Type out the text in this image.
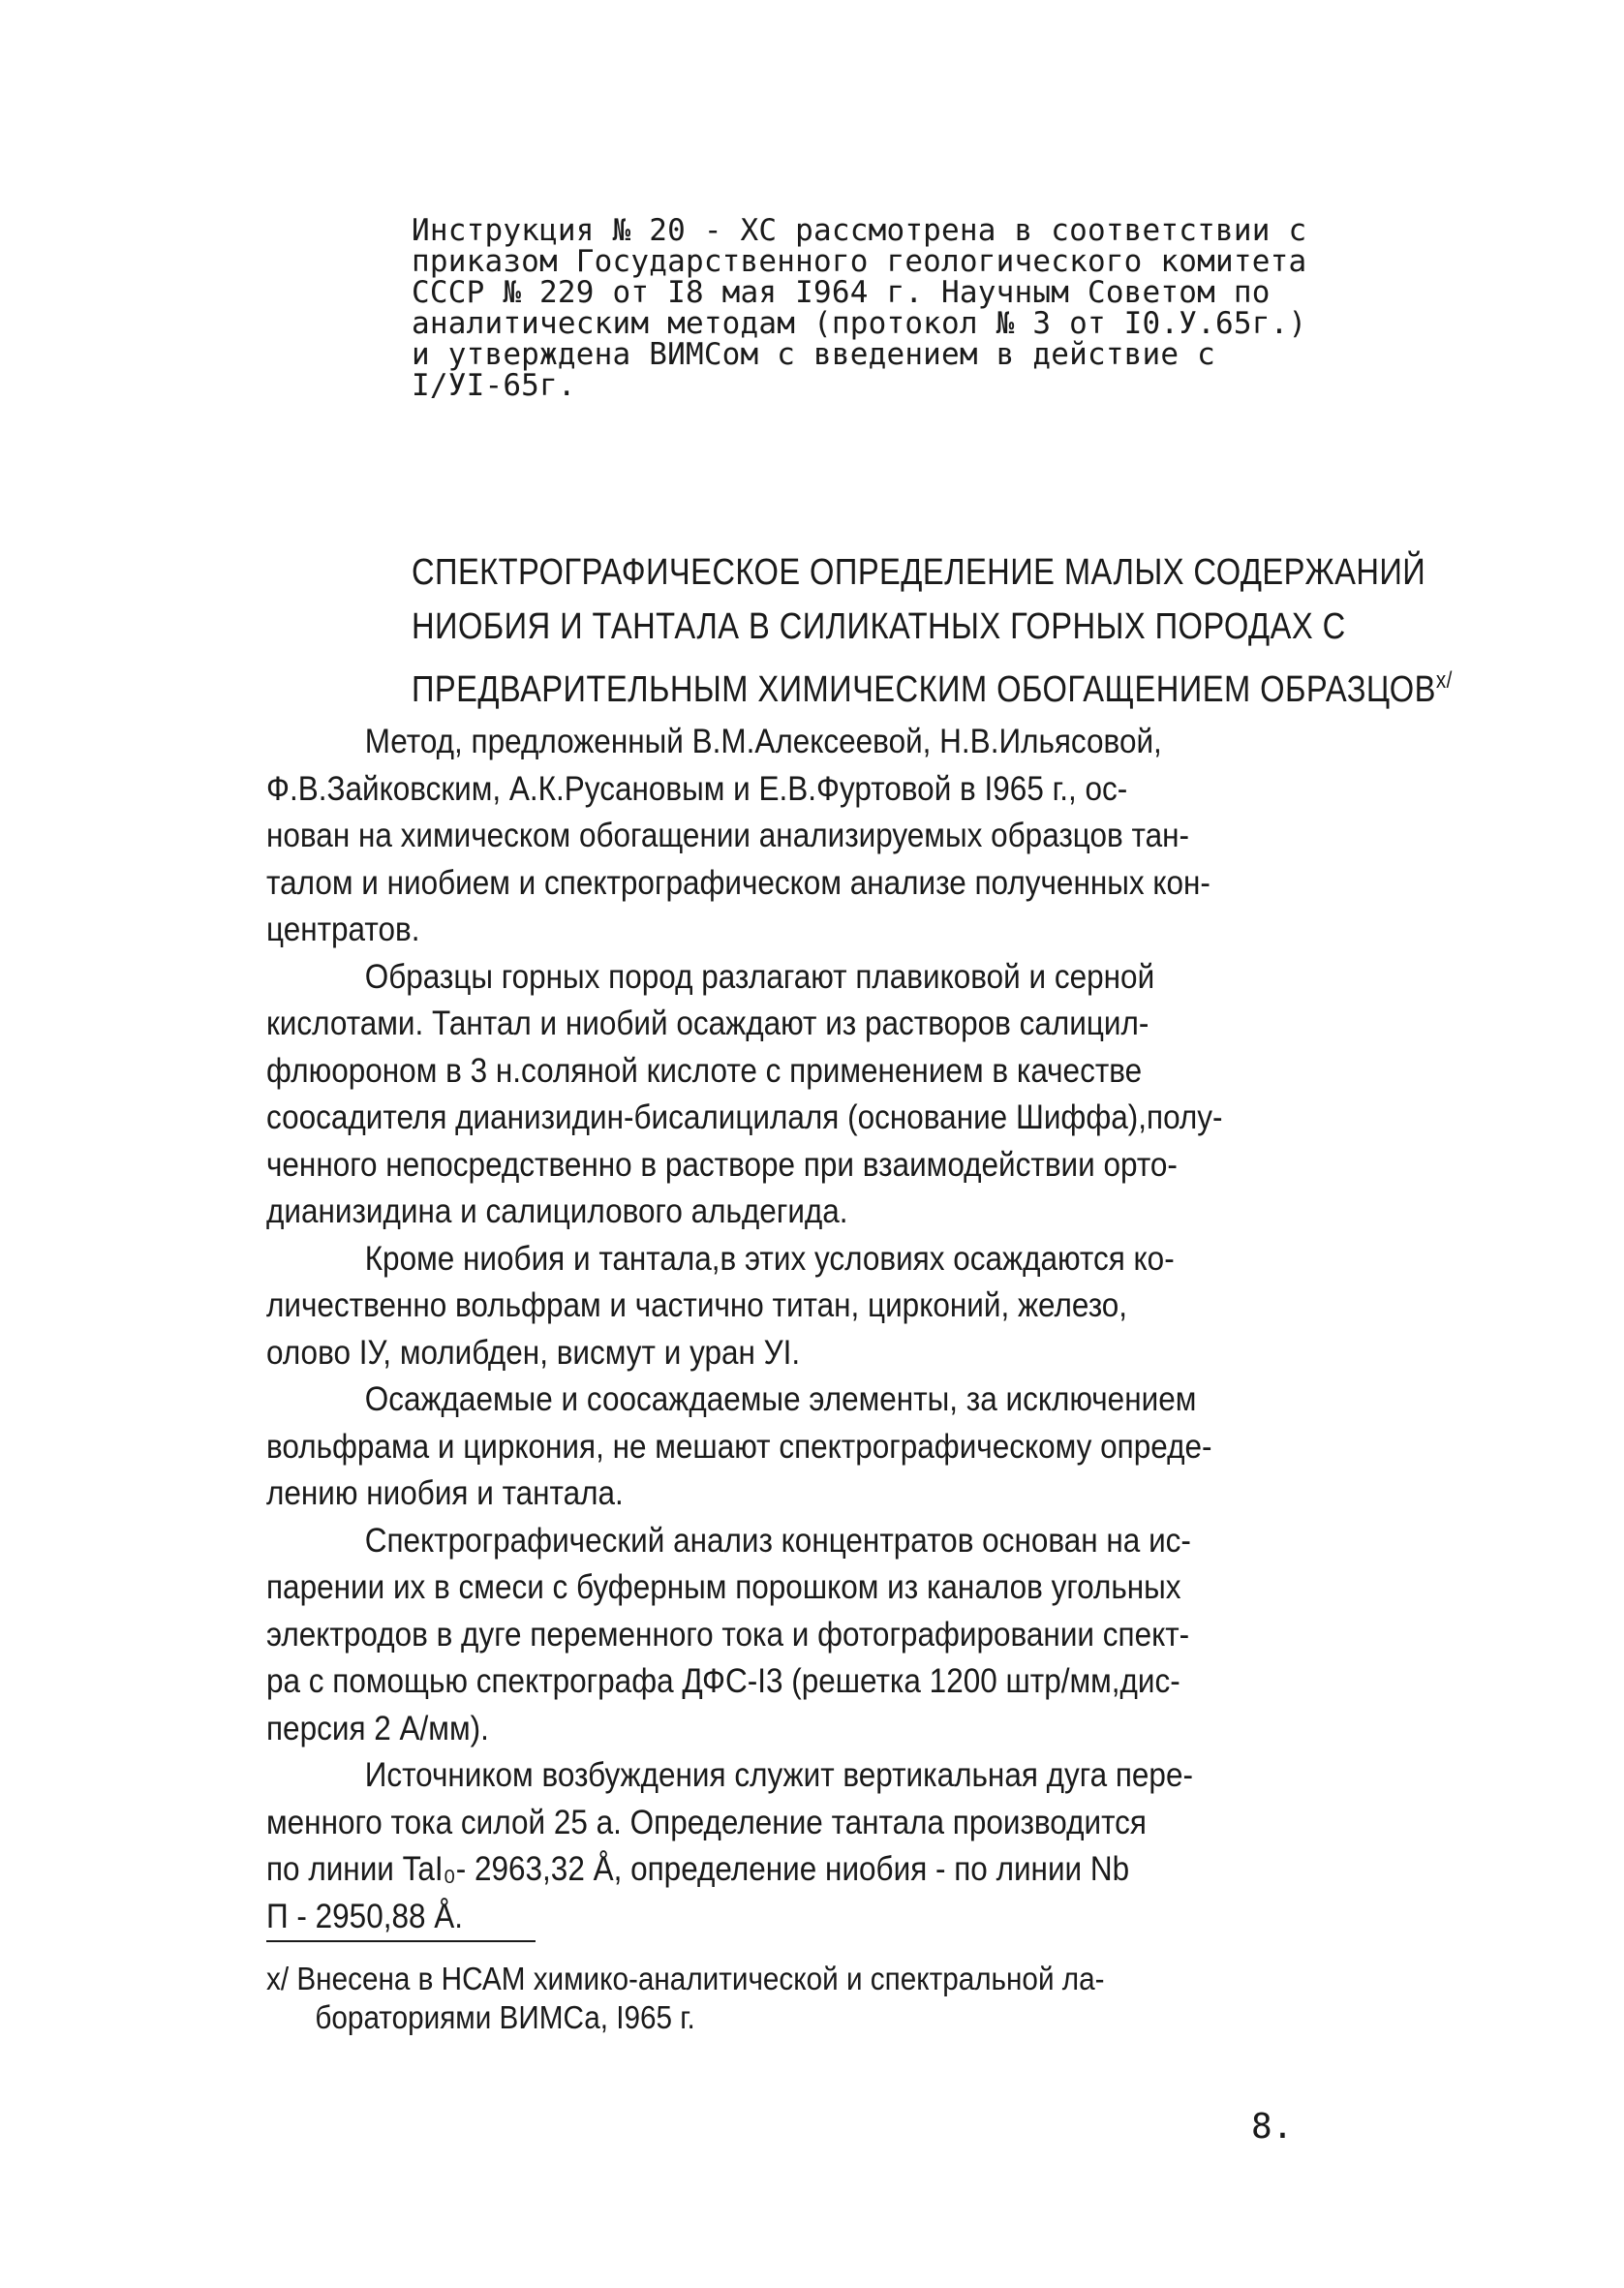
Инструкция № 20 - ХС рассмотрена в соответствии с
приказом Государственного геологического комитета
СССР № 229 от I8 мая I964 г. Научным Советом по
аналитическим методам (протокол № 3 от I0.У.65г.)
и утверждена ВИМСом с введением в действие с
I/УI-65г.
СПЕКТРОГРАФИЧЕСКОЕ ОПРЕДЕЛЕНИЕ МАЛЫХ СОДЕРЖАНИЙ
НИОБИЯ И ТАНТАЛА В СИЛИКАТНЫХ ГОРНЫХ ПОРОДАХ С
ПРЕДВАРИТЕЛЬНЫМ ХИМИЧЕСКИМ ОБОГАЩЕНИЕМ $ОБРАЗЦОВ^{х/}$
Метод, предложенный В.М.Алексеевой, Н.В.Ильясовой,
Ф.В.Зайковским, А.К.Русановым и Е.В.Фуртовой в I965 г., ос-
нован на химическом обогащении анализируемых образцов тан-
талом и ниобием и спектрографическом анализе полученных кон-
центратов.
Образцы горных пород разлагают плавиковой и серной
кислотами. Тантал и ниобий осаждают из растворов салицил-
флюороном в 3 н.соляной кислоте с применением в качестве
соосадителя дианизидин-бисалицилаля (основание Шиффа),полу-
ченного непосредственно в растворе при взаимодействии орто-
дианизидина и салицилового альдегида.
Кроме ниобия и тантала,в этих условиях осаждаются ко-
личественно вольфрам и частично титан, цирконий, железо,
олово IУ, молибден, висмут и уран УI.
Осаждаемые и соосаждаемые элементы, за исключением
вольфрама и циркония, не мешают спектрографическому опреде-
лению ниобия и тантала.
Спектрографический анализ концентратов основан на ис-
парении их в смеси с буферным порошком из каналов угольных
электродов в дуге переменного тока и фотографировании спект-
ра с помощью спектрографа ДФС-I3 (решетка 1200 штр/мм,дис-
персия 2 А/мм).
Источником возбуждения служит вертикальная дуга пере-
менного тока силой 25 а. Определение тантала производится
по линии TaI₀- 2963,32 Å, определение ниобия - по линии Nb
П - 2950,88 Å.
х/ Внесена в НСАМ химико-аналитической и спектральной ла-
бораториями ВИМСа, I965 г.
8.
